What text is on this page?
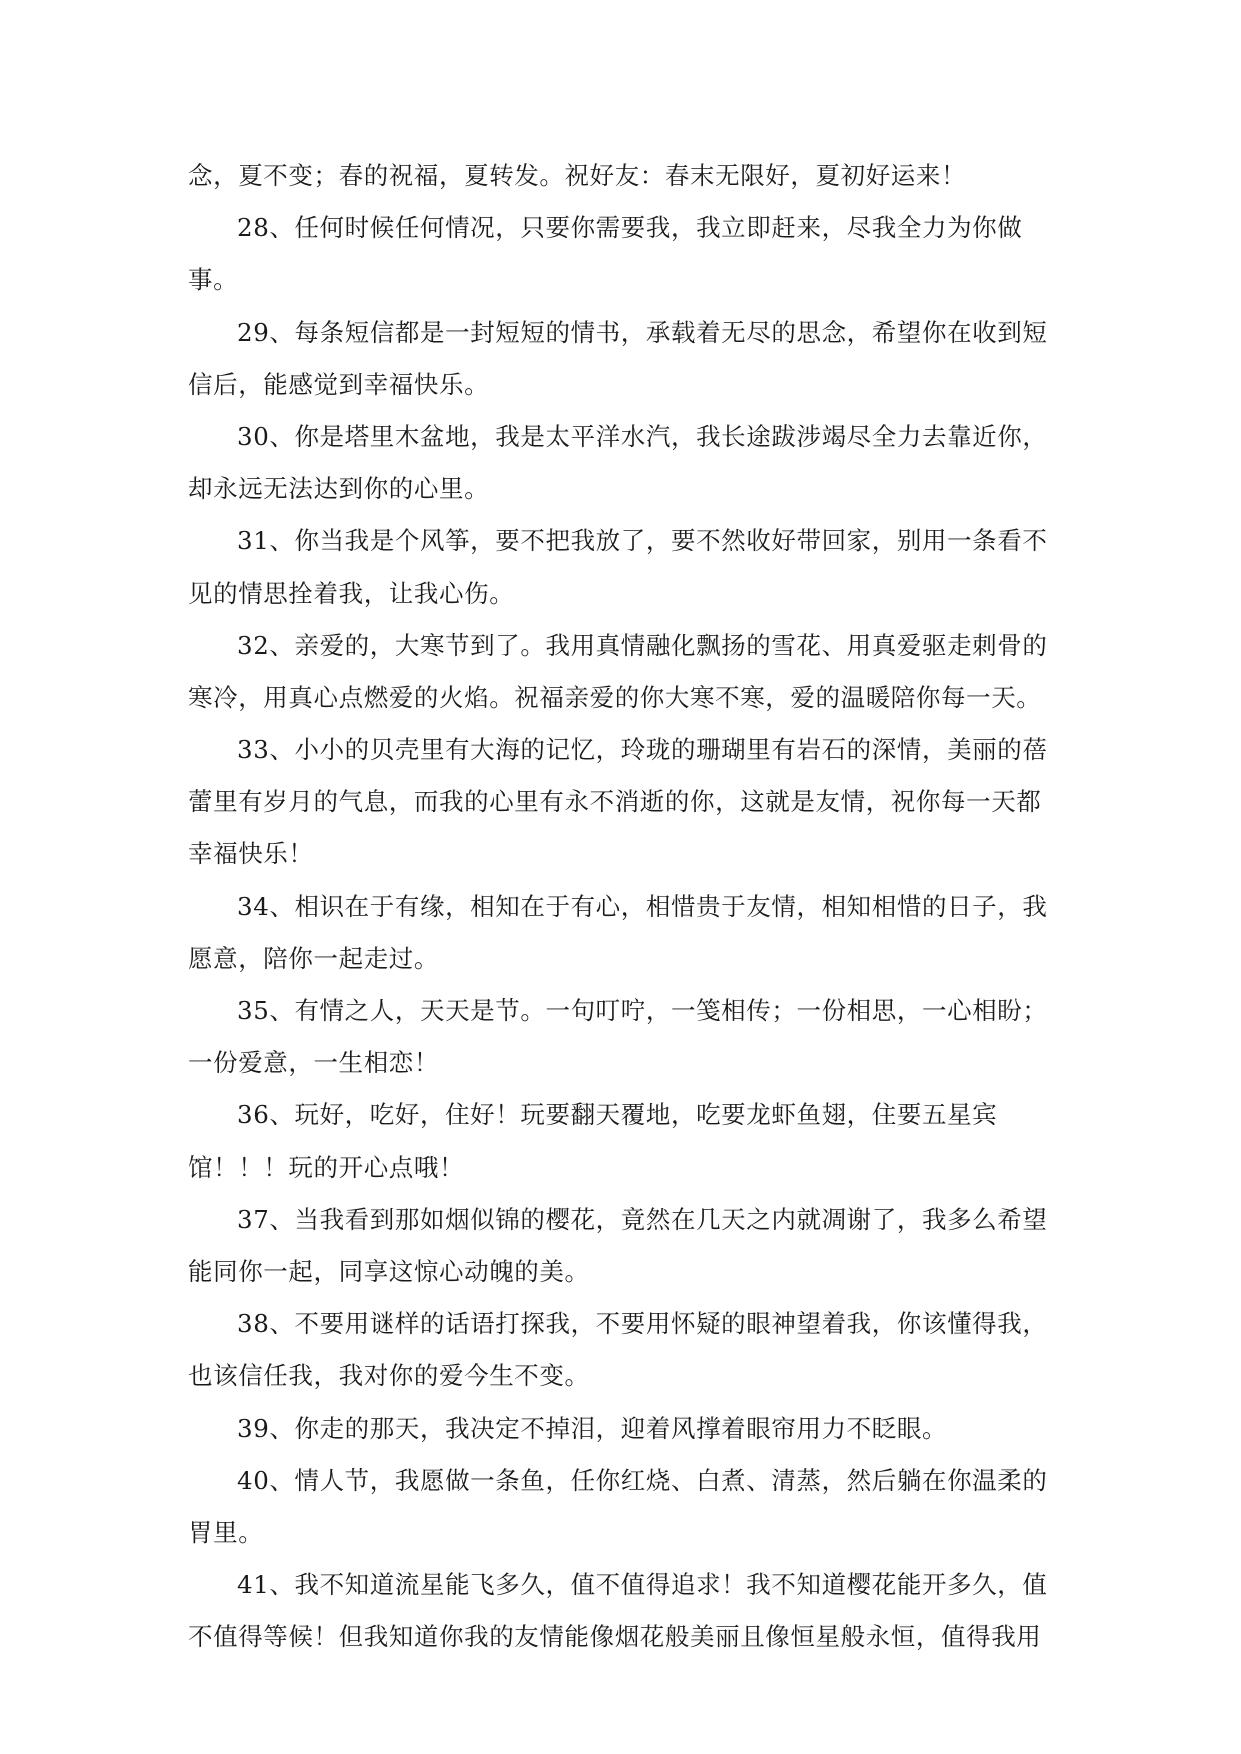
念，夏不变；春的祝福，夏转发。祝好友：春末无限好，夏初好运来！
28、任何时候任何情况，只要你需要我，我立即赶来，尽我全力为你做
事。
29、每条短信都是一封短短的情书，承载着无尽的思念，希望你在收到短
信后，能感觉到幸福快乐。
30、你是塔里木盆地，我是太平洋水汽，我长途跋涉竭尽全力去靠近你，
却永远无法达到你的心里。
31、你当我是个风筝，要不把我放了，要不然收好带回家，别用一条看不
见的情思拴着我，让我心伤。
32、亲爱的，大寒节到了。我用真情融化飘扬的雪花、用真爱驱走刺骨的
寒冷，用真心点燃爱的火焰。祝福亲爱的你大寒不寒，爱的温暖陪你每一天。
33、小小的贝壳里有大海的记忆，玲珑的珊瑚里有岩石的深情，美丽的蓓
蕾里有岁月的气息，而我的心里有永不消逝的你，这就是友情，祝你每一天都
幸福快乐！
34、相识在于有缘，相知在于有心，相惜贵于友情，相知相惜的日子，我
愿意，陪你一起走过。
35、有情之人，天天是节。一句叮咛，一笺相传；一份相思，一心相盼；
一份爱意，一生相恋！
36、玩好，吃好，住好！玩要翻天覆地，吃要龙虾鱼翅，住要五星宾
馆！！！玩的开心点哦！
37、当我看到那如烟似锦的樱花，竟然在几天之内就凋谢了，我多么希望
能同你一起，同享这惊心动魄的美。
38、不要用谜样的话语打探我，不要用怀疑的眼神望着我，你该懂得我，
也该信任我，我对你的爱今生不变。
39、你走的那天，我决定不掉泪，迎着风撑着眼帘用力不眨眼。
40、情人节，我愿做一条鱼，任你红烧、白煮、清蒸，然后躺在你温柔的
胃里。
41、我不知道流星能飞多久，值不值得追求！我不知道樱花能开多久，值
不值得等候！但我知道你我的友情能像烟花般美丽且像恒星般永恒，值得我用
